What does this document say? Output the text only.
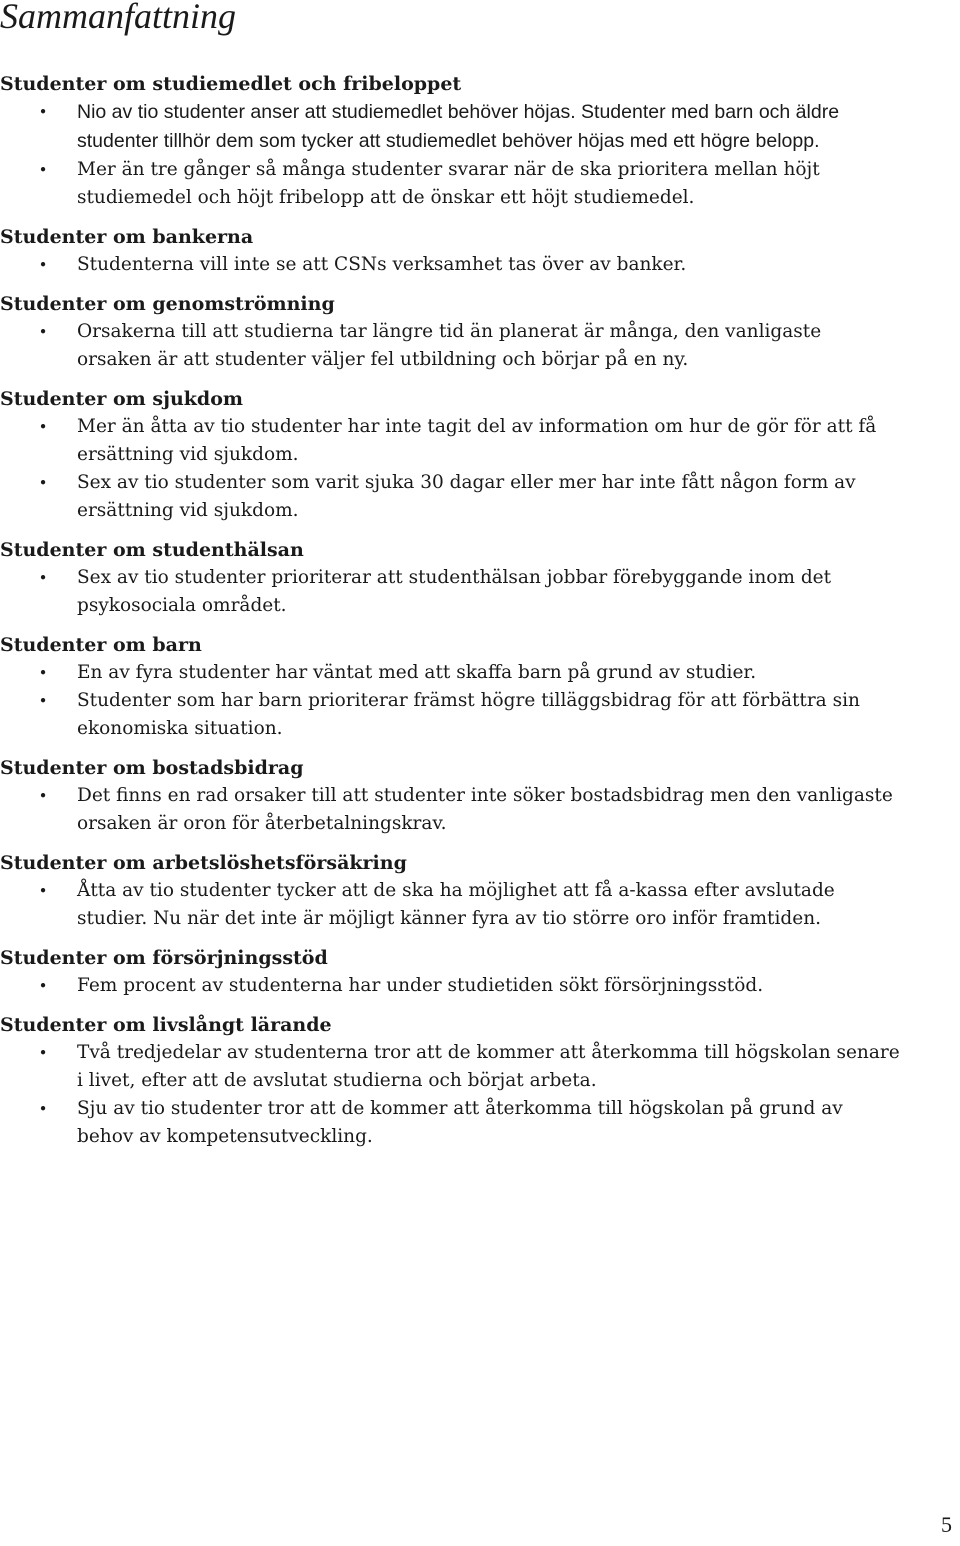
Sammanfattning
Studenter om studiemedlet och fribeloppet
• Nio av tio studenter anser att studiemedlet behöver höjas. Studenter med barn och äldre studenter tillhör dem som tycker att studiemedlet behöver höjas med ett högre belopp.
• Mer än tre gånger så många studenter svarar när de ska prioritera mellan höjt studiemedel och höjt fribelopp att de önskar ett höjt studiemedel.
Studenter om bankerna
• Studenterna vill inte se att CSNs verksamhet tas över av banker.
Studenter om genomströmning
• Orsakerna till att studierna tar längre tid än planerat är många, den vanligaste orsaken är att studenter väljer fel utbildning och börjar på en ny.
Studenter om sjukdom
• Mer än åtta av tio studenter har inte tagit del av information om hur de gör för att få ersättning vid sjukdom.
• Sex av tio studenter som varit sjuka 30 dagar eller mer har inte fått någon form av ersättning vid sjukdom.
Studenter om studenthälsan
• Sex av tio studenter prioriterar att studenthälsan jobbar förebyggande inom det psykosociala området.
Studenter om barn
• En av fyra studenter har väntat med att skaffa barn på grund av studier.
• Studenter som har barn prioriterar främst högre tilläggsbidrag för att förbättra sin ekonomiska situation.
Studenter om bostadsbidrag
• Det finns en rad orsaker till att studenter inte söker bostadsbidrag men den vanligaste orsaken är oron för återbetalningskrav.
Studenter om arbetslöshetsförsäkring
• Åtta av tio studenter tycker att de ska ha möjlighet att få a-kassa efter avslutade studier. Nu när det inte är möjligt känner fyra av tio större oro inför framtiden.
Studenter om försörjningsstöd
• Fem procent av studenterna har under studietiden sökt försörjningsstöd.
Studenter om livslångt lärande
• Två tredjedelar av studenterna tror att de kommer att återkomma till högskolan senare i livet, efter att de avslutat studierna och börjat arbeta.
• Sju av tio studenter tror att de kommer att återkomma till högskolan på grund av behov av kompetensutveckling.
5
